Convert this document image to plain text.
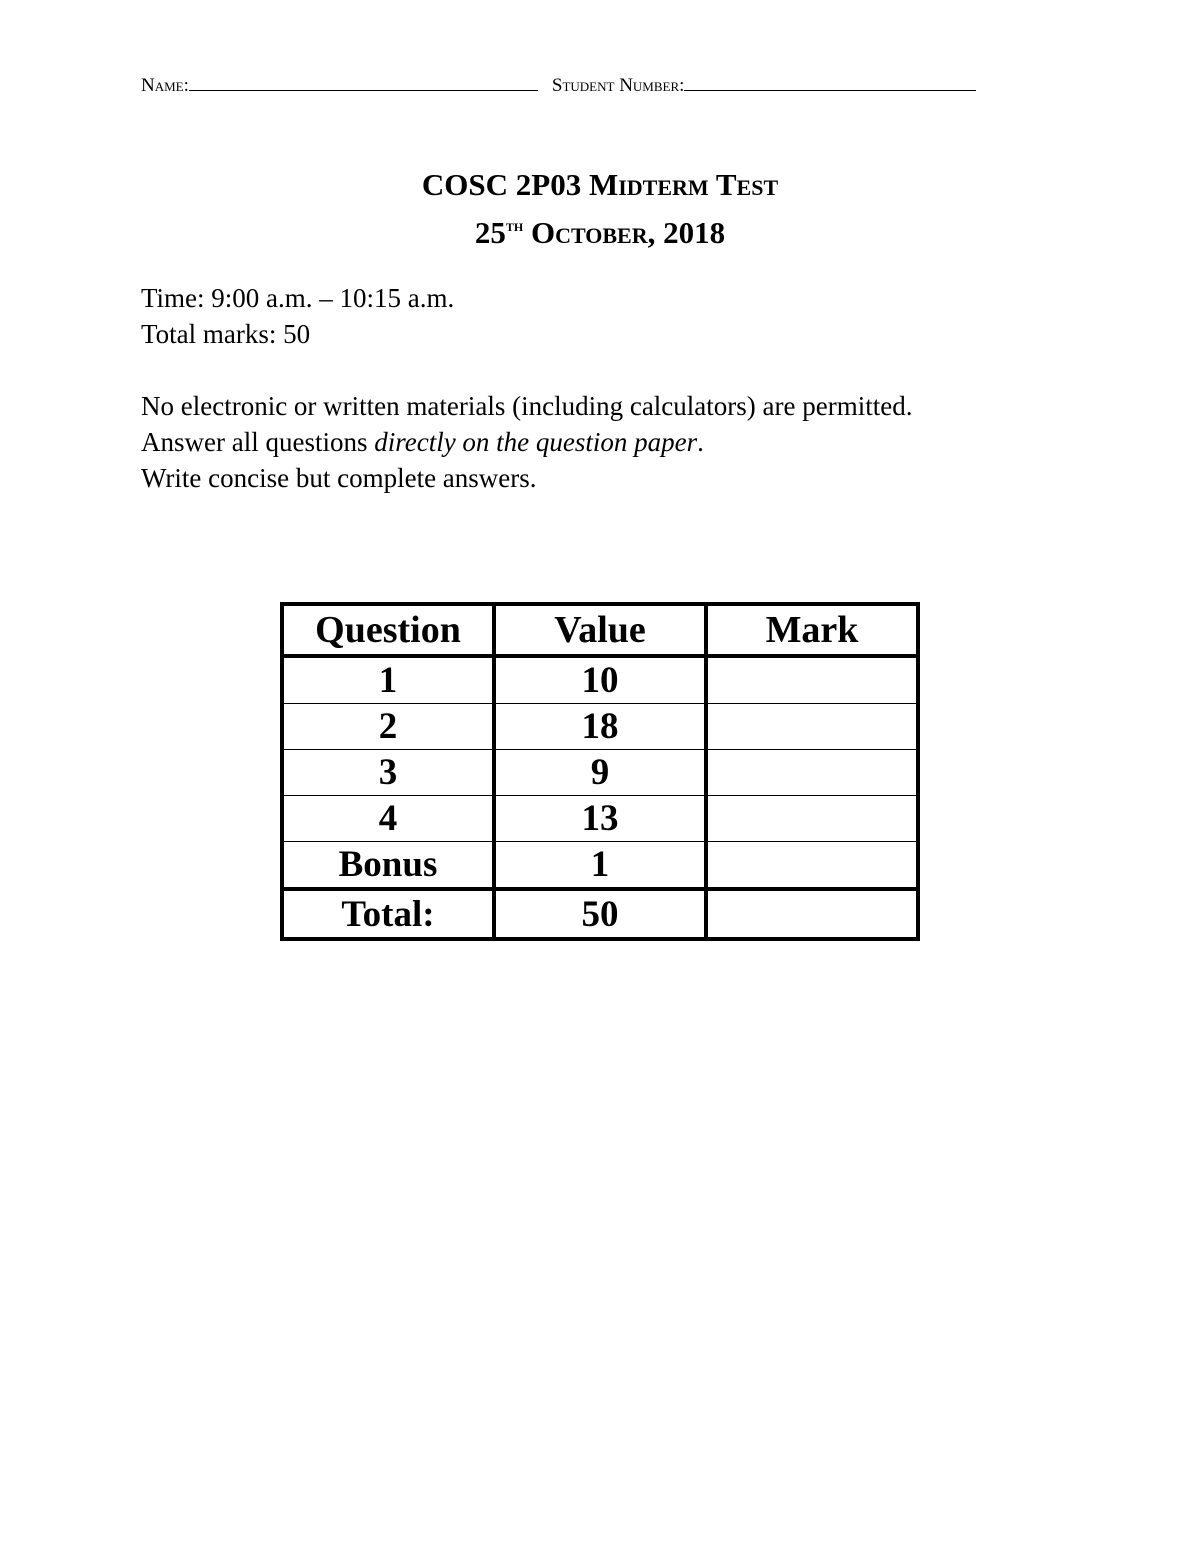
Name:	Student Number:
COSC 2P03 Midterm Test
25th October, 2018

Time: 9:00 a.m. – 10:15 a.m.

Total marks: 50

No electronic or written materials (including calculators) are permitted.

Answer all questions directly on the question paper.

Write concise but complete answers.

Question	Value	Mark
1	10	
2	18	
3	9	
4	13	
Bonus	1	
Total:	50	
